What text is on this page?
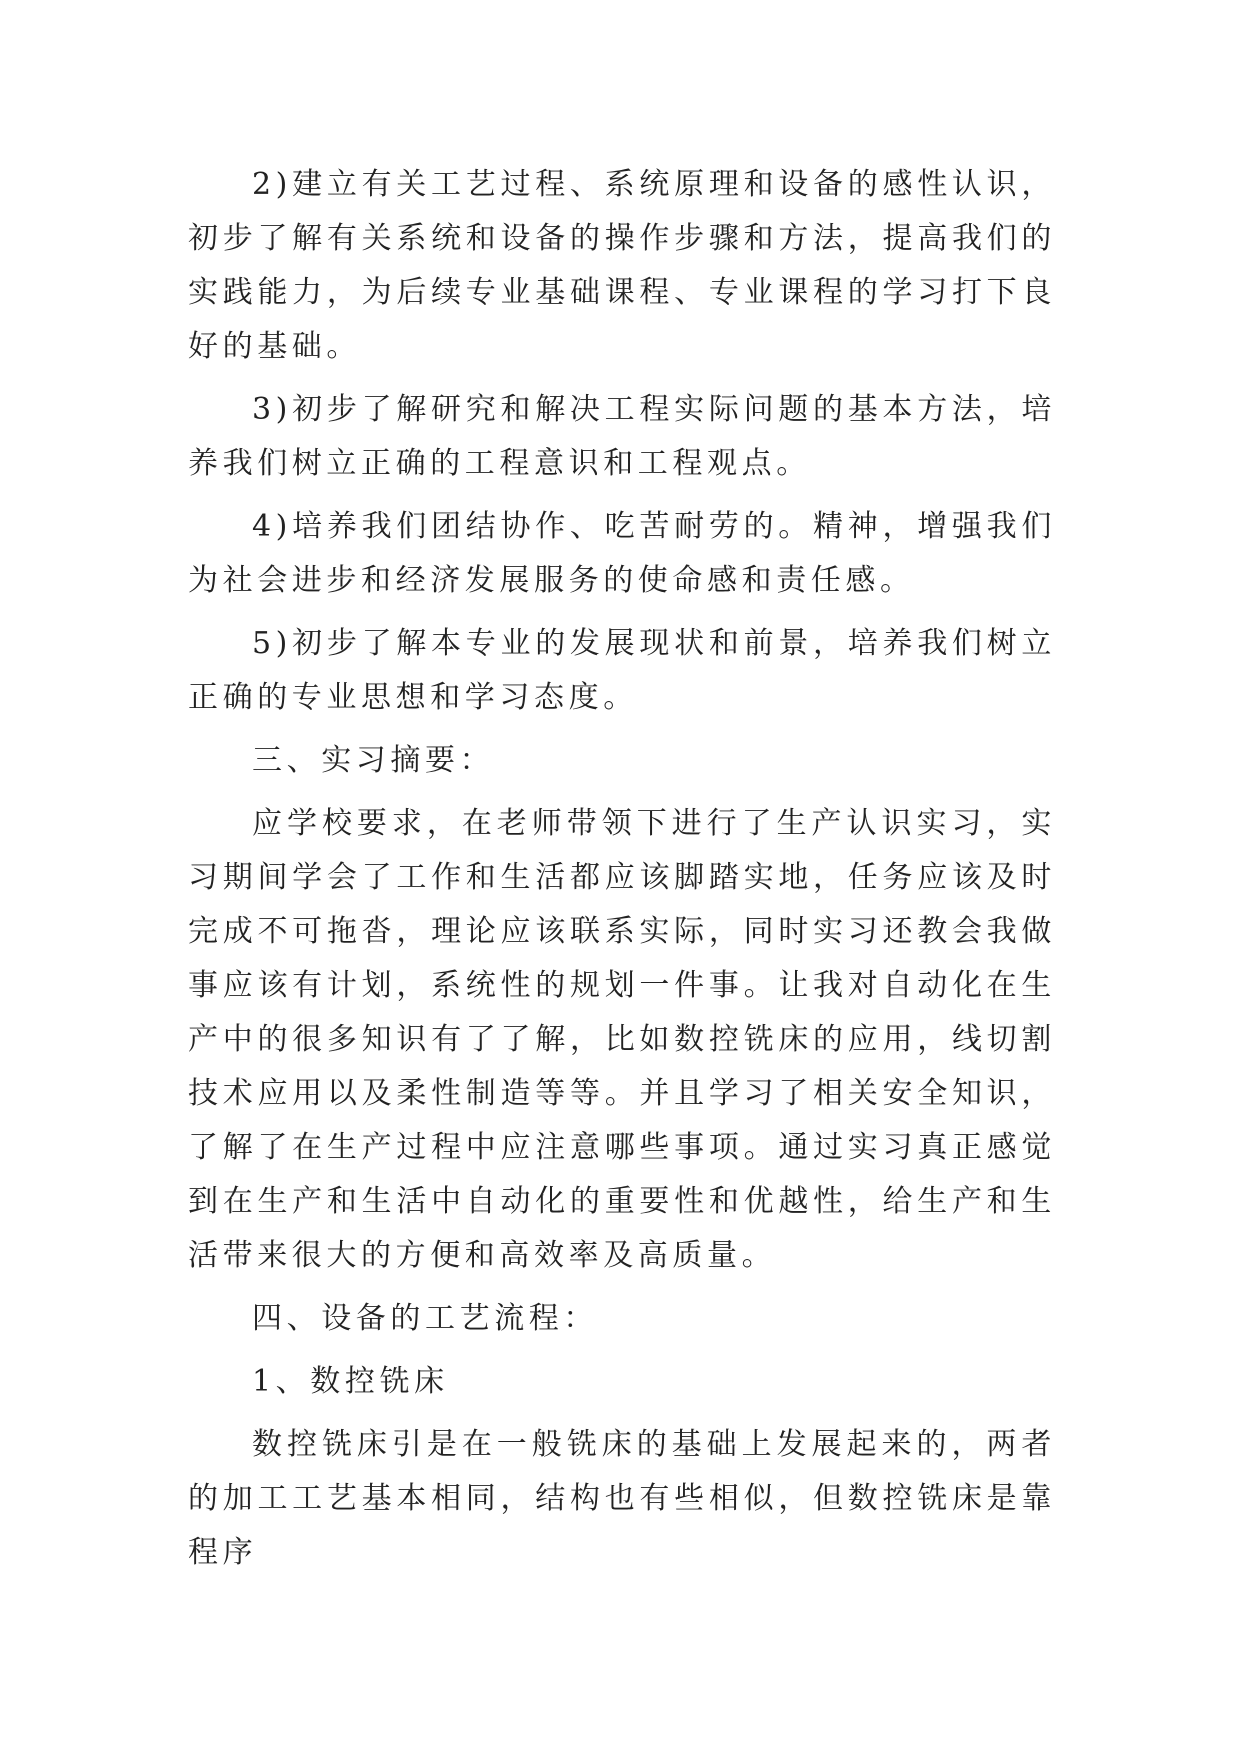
2)建立有关工艺过程、系统原理和设备的感性认识，初步了解有关系统和设备的操作步骤和方法，提高我们的实践能力，为后续专业基础课程、专业课程的学习打下良好的基础。

3)初步了解研究和解决工程实际问题的基本方法，培养我们树立正确的工程意识和工程观点。

4)培养我们团结协作、吃苦耐劳的。精神，增强我们为社会进步和经济发展服务的使命感和责任感。

5)初步了解本专业的发展现状和前景，培养我们树立正确的专业思想和学习态度。

三、实习摘要：

应学校要求，在老师带领下进行了生产认识实习，实习期间学会了工作和生活都应该脚踏实地，任务应该及时完成不可拖沓，理论应该联系实际，同时实习还教会我做事应该有计划，系统性的规划一件事。让我对自动化在生产中的很多知识有了了解，比如数控铣床的应用，线切割技术应用以及柔性制造等等。并且学习了相关安全知识，了解了在生产过程中应注意哪些事项。通过实习真正感觉到在生产和生活中自动化的重要性和优越性，给生产和生活带来很大的方便和高效率及高质量。

四、设备的工艺流程：

1、数控铣床

数控铣床引是在一般铣床的基础上发展起来的，两者的加工工艺基本相同，结构也有些相似，但数控铣床是靠程序
